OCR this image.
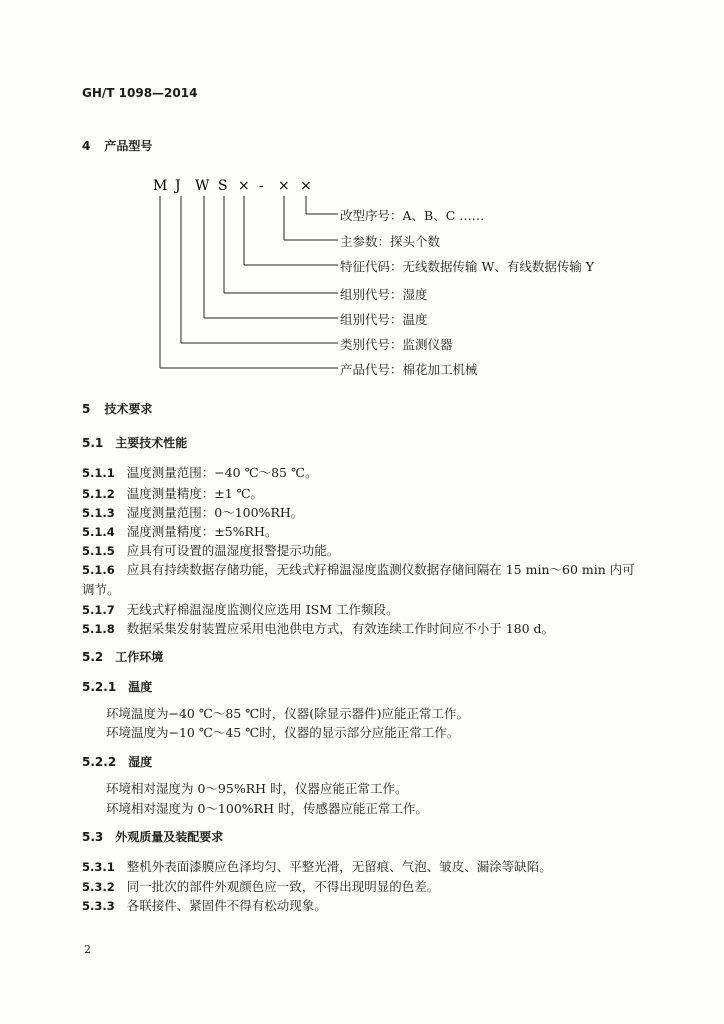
GH/T 1098—2014
4 产品型号
M J W S × - × ×
改型序号：A、B、C ……
主参数：探头个数
特征代码：无线数据传输 W、有线数据传输 Y
组别代号：湿度
组别代号：温度
类别代号：监测仪器
产品代号：棉花加工机械
5 技术要求
5.1 主要技术性能
5.1.1 温度测量范围：−40 ℃～85 ℃。
5.1.2 温度测量精度：±1 ℃。
5.1.3 湿度测量范围：0～100%RH。
5.1.4 湿度测量精度：±5%RH。
5.1.5 应具有可设置的温湿度报警提示功能。
5.1.6 应具有持续数据存储功能，无线式籽棉温湿度监测仪数据存储间隔在 15 min～60 min 内可
调节。
5.1.7 无线式籽棉温湿度监测仪应选用 ISM 工作频段。
5.1.8 数据采集发射装置应采用电池供电方式，有效连续工作时间应不小于 180 d。
5.2 工作环境
5.2.1 温度
环境温度为−40 ℃～85 ℃时，仪器(除显示器件)应能正常工作。
环境温度为−10 ℃～45 ℃时，仪器的显示部分应能正常工作。
5.2.2 湿度
环境相对湿度为 0～95%RH 时，仪器应能正常工作。
环境相对湿度为 0～100%RH 时，传感器应能正常工作。
5.3 外观质量及装配要求
5.3.1 整机外表面漆膜应色泽均匀、平整光滑，无留痕、气泡、皱皮、漏涂等缺陷。
5.3.2 同一批次的部件外观颜色应一致，不得出现明显的色差。
5.3.3 各联接件、紧固件不得有松动现象。
2
